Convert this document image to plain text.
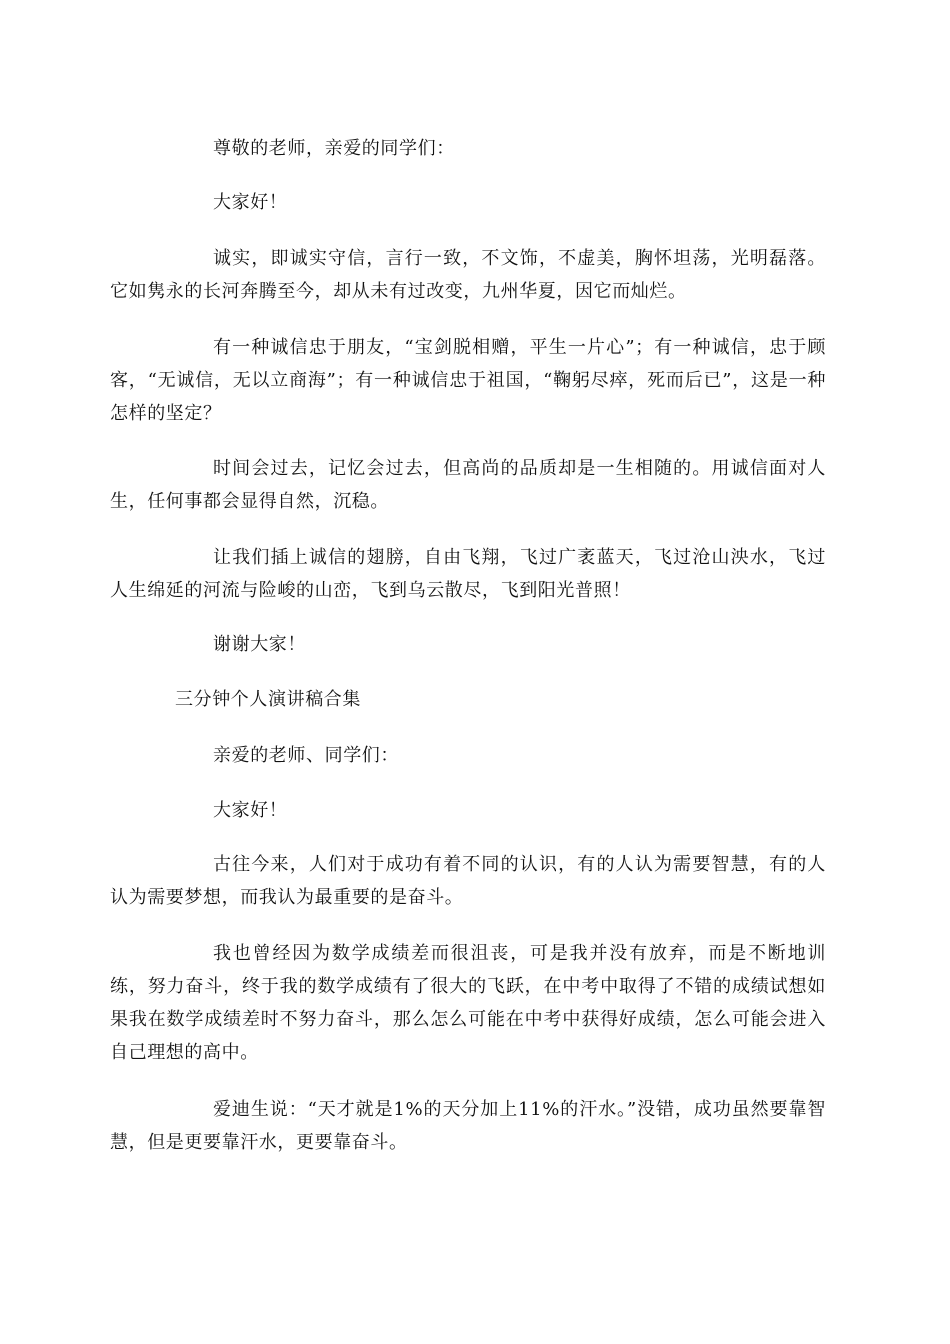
尊敬的老师，亲爱的同学们：

大家好！

诚实，即诚实守信，言行一致，不文饰，不虚美，胸怀坦荡，光明磊落。它如隽永的长河奔腾至今，却从未有过改变，九州华夏，因它而灿烂。

有一种诚信忠于朋友，“宝剑脱相赠，平生一片心”；有一种诚信，忠于顾客，“无诚信，无以立商海”；有一种诚信忠于祖国，“鞠躬尽瘁，死而后已”，这是一种怎样的坚定？

时间会过去，记忆会过去，但高尚的品质却是一生相随的。用诚信面对人生，任何事都会显得自然，沉稳。

让我们插上诚信的翅膀，自由飞翔，飞过广袤蓝天，飞过沧山泱水，飞过人生绵延的河流与险峻的山峦，飞到乌云散尽，飞到阳光普照！

谢谢大家！

三分钟个人演讲稿合集

亲爱的老师、同学们：

大家好！

古往今来，人们对于成功有着不同的认识，有的人认为需要智慧，有的人认为需要梦想，而我认为最重要的是奋斗。

我也曾经因为数学成绩差而很沮丧，可是我并没有放弃，而是不断地训练，努力奋斗，终于我的数学成绩有了很大的飞跃，在中考中取得了不错的成绩试想如果我在数学成绩差时不努力奋斗，那么怎么可能在中考中获得好成绩，怎么可能会进入自己理想的高中。

爱迪生说：“天才就是1%的天分加上11%的汗水。”没错，成功虽然要靠智慧，但是更要靠汗水，更要靠奋斗。
